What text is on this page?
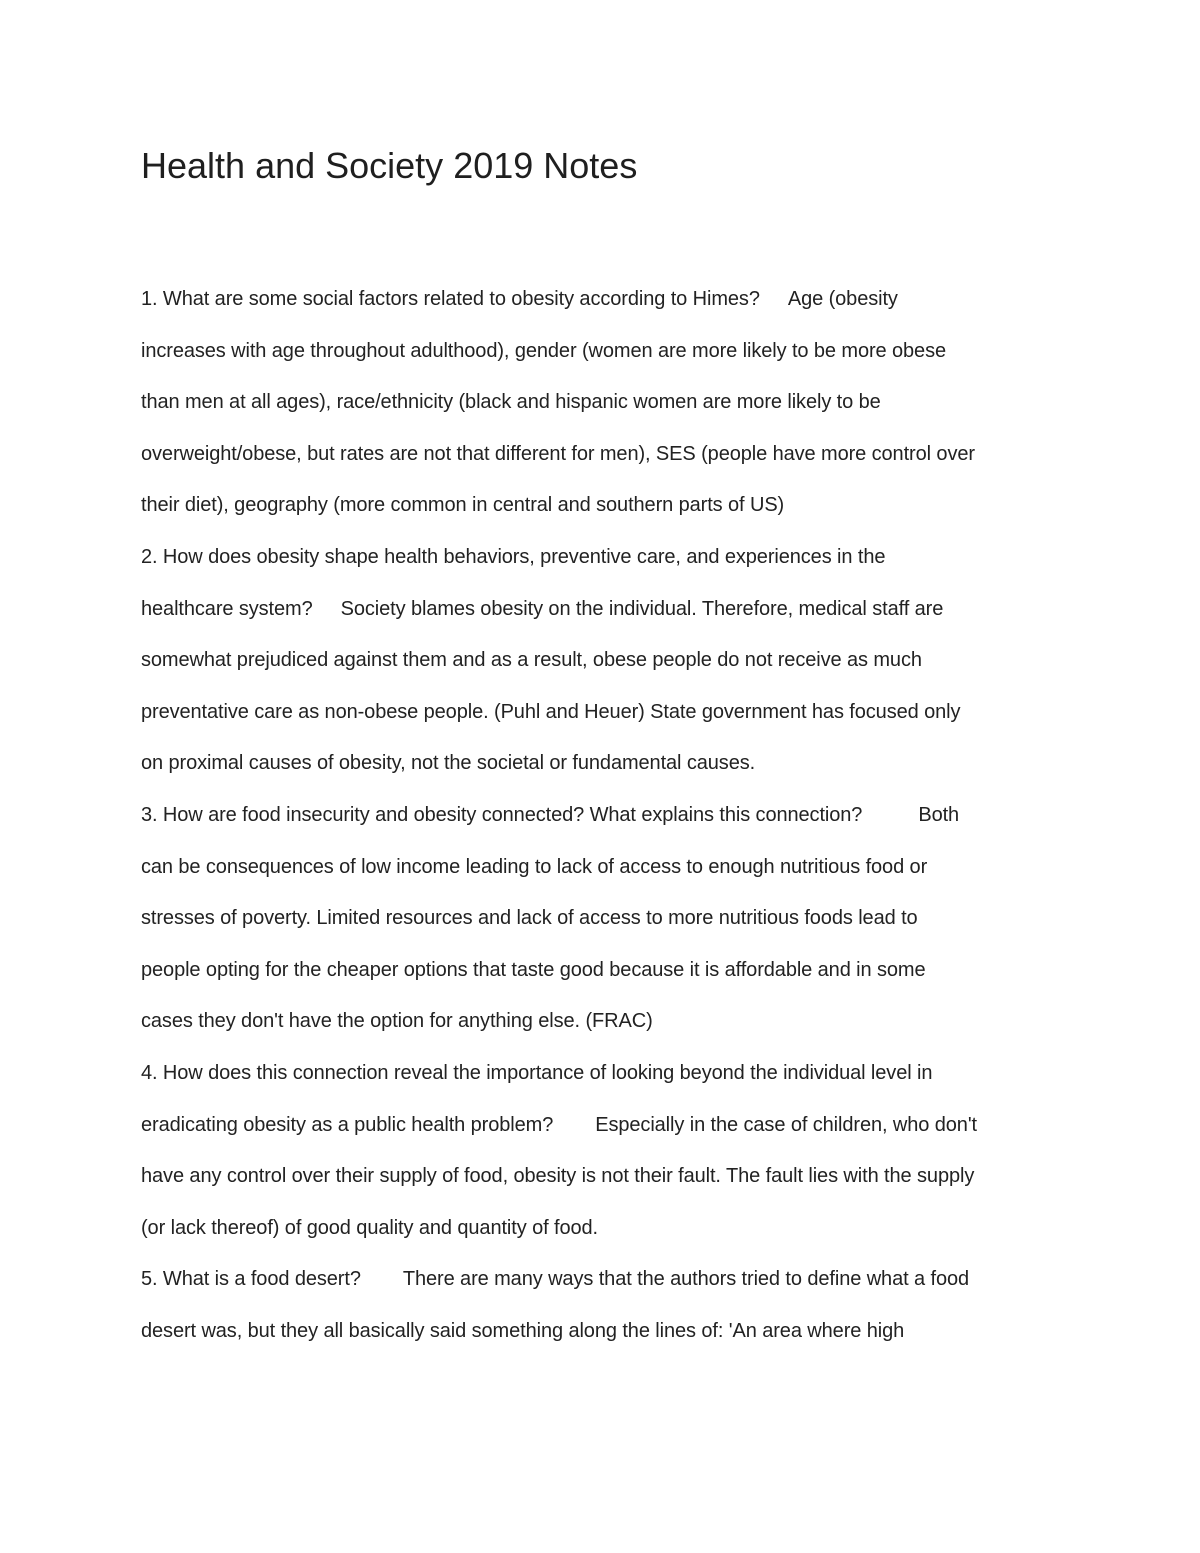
Health and Society 2019 Notes
1. What are some social factors related to obesity according to Himes? Age (obesity
increases with age throughout adulthood), gender (women are more likely to be more obese
than men at all ages), race/ethnicity (black and hispanic women are more likely to be
overweight/obese, but rates are not that different for men), SES (people have more control over
their diet), geography (more common in central and southern parts of US)
2. How does obesity shape health behaviors, preventive care, and experiences in the
healthcare system? Society blames obesity on the individual. Therefore, medical staff are
somewhat prejudiced against them and as a result, obese people do not receive as much
preventative care as non-obese people. (Puhl and Heuer) State government has focused only
on proximal causes of obesity, not the societal or fundamental causes.
3. How are food insecurity and obesity connected? What explains this connection?	Both
can be consequences of low income leading to lack of access to enough nutritious food or
stresses of poverty. Limited resources and lack of access to more nutritious foods lead to
people opting for the cheaper options that taste good because it is affordable and in some
cases they don't have the option for anything else. (FRAC)
4. How does this connection reveal the importance of looking beyond the individual level in
eradicating obesity as a public health problem? Especially in the case of children, who don't
have any control over their supply of food, obesity is not their fault. The fault lies with the supply
(or lack thereof) of good quality and quantity of food.
5. What is a food desert? There are many ways that the authors tried to define what a food
desert was, but they all basically said something along the lines of: 'An area where high
